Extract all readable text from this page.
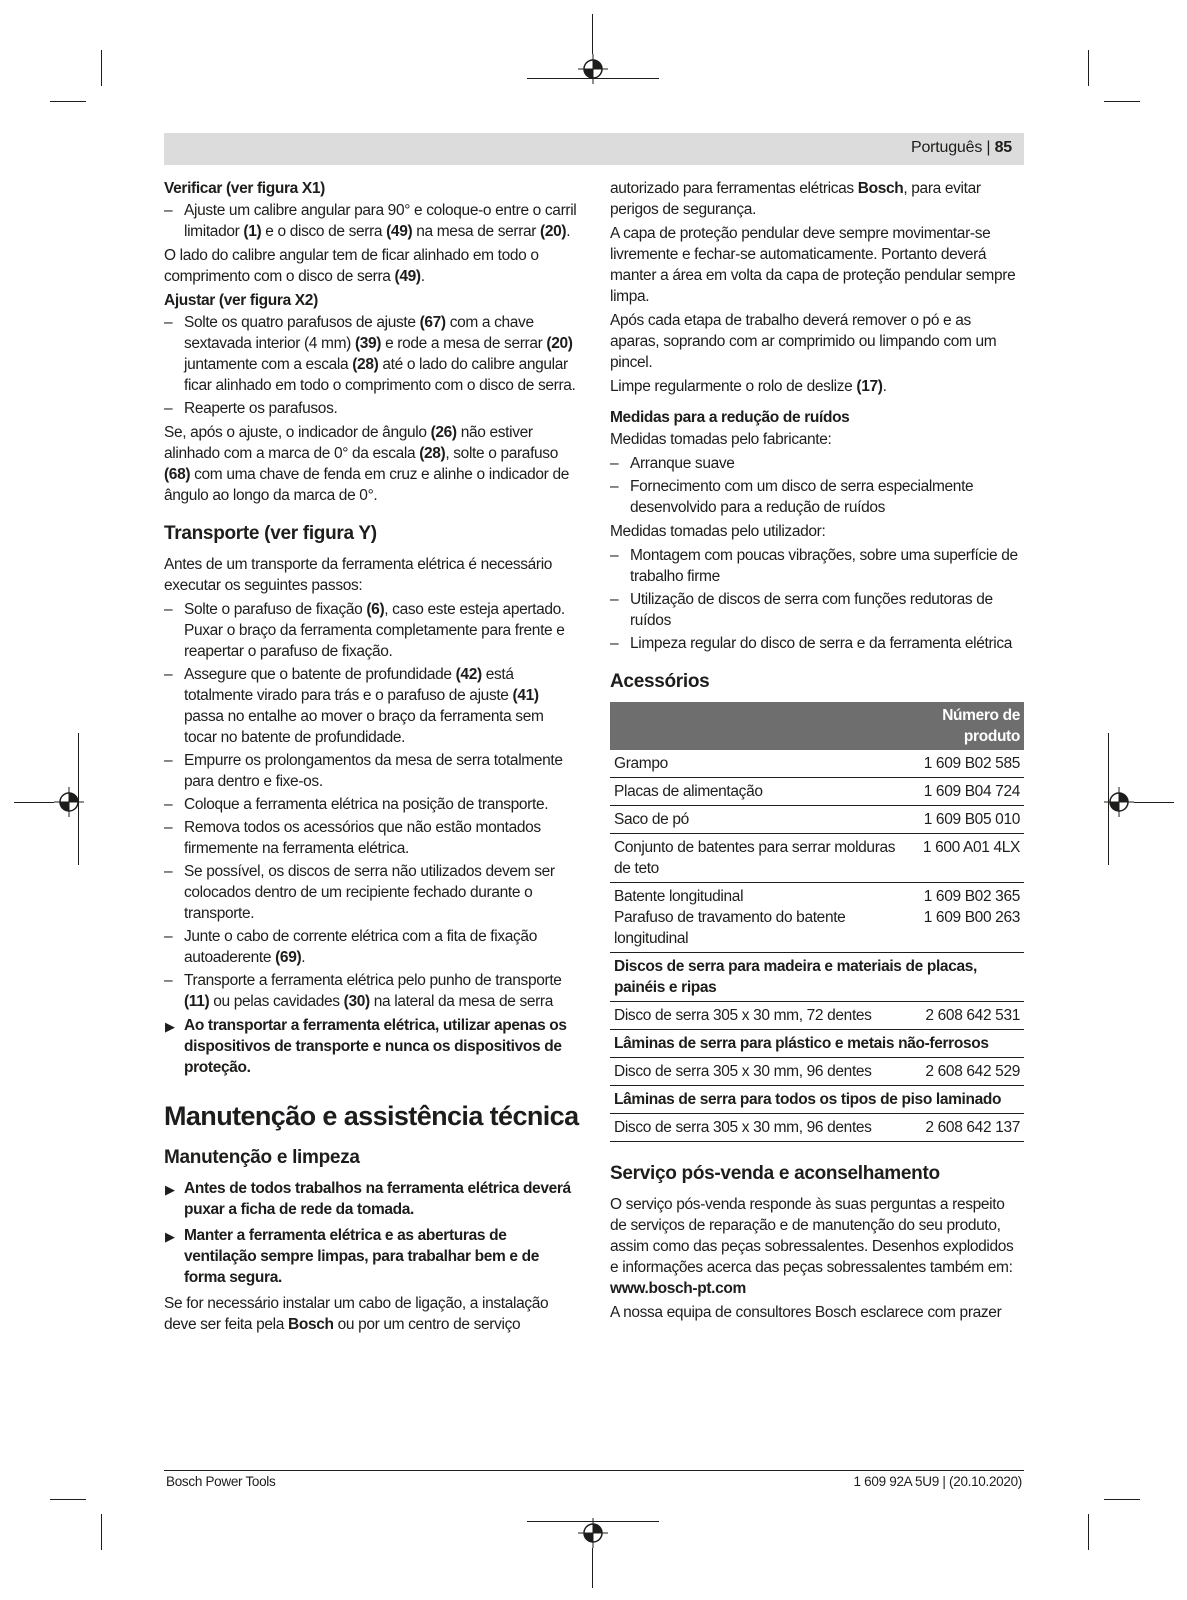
Português | 85

Verificar (ver figura X1)

– Ajuste um calibre angular para 90° e coloque-o entre o carril limitador (1) e o disco de serra (49) na mesa de serrar (20).

O lado do calibre angular tem de ficar alinhado em todo o comprimento com o disco de serra (49).

Ajustar (ver figura X2)

– Solte os quatro parafusos de ajuste (67) com a chave sextavada interior (4 mm) (39) e rode a mesa de serrar (20) juntamente com a escala (28) até o lado do calibre angular ficar alinhado em todo o comprimento com o disco de serra.
– Reaperte os parafusos.

Se, após o ajuste, o indicador de ângulo (26) não estiver alinhado com a marca de 0° da escala (28), solte o parafuso (68) com uma chave de fenda em cruz e alinhe o indicador de ângulo ao longo da marca de 0°.

Transporte (ver figura Y)

Antes de um transporte da ferramenta elétrica é necessário executar os seguintes passos:

– Solte o parafuso de fixação (6), caso este esteja apertado. Puxar o braço da ferramenta completamente para frente e reapertar o parafuso de fixação.
– Assegure que o batente de profundidade (42) está totalmente virado para trás e o parafuso de ajuste (41) passa no entalhe ao mover o braço da ferramenta sem tocar no batente de profundidade.
– Empurre os prolongamentos da mesa de serra totalmente para dentro e fixe-os.
– Coloque a ferramenta elétrica na posição de transporte.
– Remova todos os acessórios que não estão montados firmemente na ferramenta elétrica.
– Se possível, os discos de serra não utilizados devem ser colocados dentro de um recipiente fechado durante o transporte.
– Junte o cabo de corrente elétrica com a fita de fixação autoaderente (69).
– Transporte a ferramenta elétrica pelo punho de transporte (11) ou pelas cavidades (30) na lateral da mesa de serra
▶ Ao transportar a ferramenta elétrica, utilizar apenas os dispositivos de transporte e nunca os dispositivos de proteção.

Manutenção e assistência técnica

Manutenção e limpeza

▶ Antes de todos trabalhos na ferramenta elétrica deverá puxar a ficha de rede da tomada.
▶ Manter a ferramenta elétrica e as aberturas de ventilação sempre limpas, para trabalhar bem e de forma segura.

Se for necessário instalar um cabo de ligação, a instalação deve ser feita pela Bosch ou por um centro de serviço

autorizado para ferramentas elétricas Bosch, para evitar perigos de segurança.

A capa de proteção pendular deve sempre movimentar-se livremente e fechar-se automaticamente. Portanto deverá manter a área em volta da capa de proteção pendular sempre limpa.

Após cada etapa de trabalho deverá remover o pó e as aparas, soprando com ar comprimido ou limpando com um pincel.

Limpe regularmente o rolo de deslize (17).

Medidas para a redução de ruídos

Medidas tomadas pelo fabricante:

– Arranque suave
– Fornecimento com um disco de serra especialmente desenvolvido para a redução de ruídos

Medidas tomadas pelo utilizador:

– Montagem com poucas vibrações, sobre uma superfície de trabalho firme
– Utilização de discos de serra com funções redutoras de ruídos
– Limpeza regular do disco de serra e da ferramenta elétrica

Acessórios

Número de produto	
Grampo	1 609 B02 585
Placas de alimentação	1 609 B04 724
Saco de pó	1 609 B05 010
Conjunto de batentes para serrar molduras de teto	1 600 A01 4LX
Batente longitudinal	1 609 B02 365
Parafuso de travamento do batente longitudinal	1 609 B00 263
Discos de serra para madeira e materiais de placas, painéis e ripas	
Disco de serra 305 x 30 mm, 72 dentes	2 608 642 531
Lâminas de serra para plástico e metais não-ferrosos	
Disco de serra 305 x 30 mm, 96 dentes	2 608 642 529
Lâminas de serra para todos os tipos de piso laminado	
Disco de serra 305 x 30 mm, 96 dentes	2 608 642 137

Serviço pós-venda e aconselhamento

O serviço pós-venda responde às suas perguntas a respeito de serviços de reparação e de manutenção do seu produto, assim como das peças sobressalentes. Desenhos explodidos e informações acerca das peças sobressalentes também em:
www.bosch-pt.com

A nossa equipa de consultores Bosch esclarece com prazer

Bosch Power Tools	1 609 92A 5U9 | (20.10.2020)
